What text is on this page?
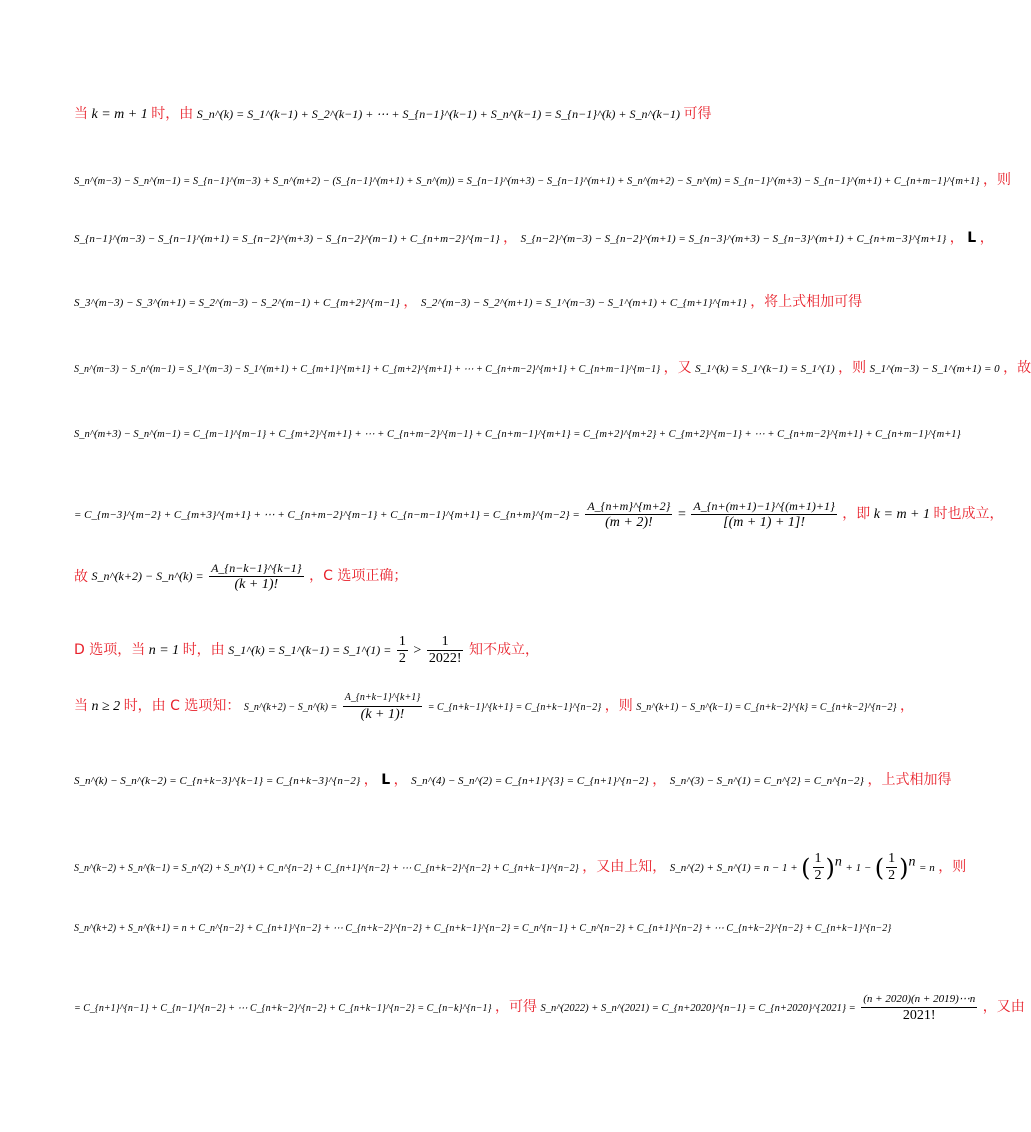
当 k = m + 1 时，由 S_n^(k) = S_1^(k−1) + S_2^(k−1) + ⋯ + S_{n−1}^(k−1) + S_n^(k−1) = S_{n−1}^(k) + S_n^(k−1) 可得
S_n^(m−3) − S_n^(m−1) = S_{n−1}^(m−3) + S_n^(m+2) − (S_{n−1}^(m+1) + S_n^(m)) = S_{n−1}^(m+3) − S_{n−1}^(m+1) + S_n^(m+2) − S_n^(m) = S_{n−1}^(m+3) − S_{n−1}^(m+1) + C_{n+m−1}^{m+1} ，则
S_{n−1}^(m−3) − S_{n−1}^(m+1) = S_{n−2}^(m+3) − S_{n−2}^(m−1) + C_{n+m−2}^{m−1} ， S_{n−2}^(m−3) − S_{n−2}^(m+1) = S_{n−3}^(m+3) − S_{n−3}^(m+1) + C_{n+m−3}^{m+1} ， L ，
S_3^(m−3) − S_3^(m+1) = S_2^(m−3) − S_2^(m−1) + C_{m+2}^{m−1} ， S_2^(m−3) − S_2^(m+1) = S_1^(m−3) − S_1^(m+1) + C_{m+1}^{m+1} ，将上式相加可得
S_n^(m−3) − S_n^(m−1) = S_1^(m−3) − S_1^(m+1) + C_{m+1}^{m+1} + C_{m+2}^{m+1} + ⋯ + C_{n+m−2}^{m+1} + C_{n+m−1}^{m−1} ，又 S_1^(k) = S_1^(k−1) = S_1^(1) ，则 S_1^(m−3) − S_1^(m+1) = 0 ，故
S_n^(m+3) − S_n^(m−1) = C_{m−1}^{m−1} + C_{m+2}^{m+1} + ⋯ + C_{n+m−2}^{m−1} + C_{n+m−1}^{m+1} = C_{m+2}^{m+2} + C_{m+2}^{m−1} + ⋯ + C_{n+m−2}^{m+1} + C_{n+m−1}^{m+1}
= C_{m−3}^{m−2} + C_{m+3}^{m+1} + ⋯ + C_{n+m−2}^{m−1} + C_{n−m−1}^{m+1} = C_{n+m}^{m−2} = $\frac{A\_\{n+m\}\^{}\{m+2\}}{(m + 2)!} = \frac{A\_\{n+(m+1)-1\}\^{}\{(m+1)+1\}}{[(m + 1) + 1]!}$ ，即 k = m + 1 时也成立，
故 S_n^(k+2) − S_n^(k) = $\frac{A\_\{n-k-1\}\^{}\{k-1\}}{(k + 1)!}$ ，C 选项正确；
D 选项，当 n = 1 时，由 S_1^(k) = S_1^(k−1) = S_1^(1) = $\frac{1}{2} > \frac{1}{2022!}$ 知不成立，
当 n ≥ 2 时，由 C 选项知： S_n^(k+2) − S_n^(k) = $\frac{A\_\{n+k-1\}\^{}\{k+1\}}{(k + 1)!}$ = C_{n+k−1}^{k+1} = C_{n+k−1}^{n−2} ，则 S_n^(k+1) − S_n^(k−1) = C_{n+k−2}^{k} = C_{n+k−2}^{n−2} ，
S_n^(k) − S_n^(k−2) = C_{n+k−3}^{k−1} = C_{n+k−3}^{n−2} ， L ， S_n^(4) − S_n^(2) = C_{n+1}^{3} = C_{n+1}^{n−2} ， S_n^(3) − S_n^(1) = C_n^{2} = C_n^{n−2} ，上式相加得
S_n^(k−2) + S_n^(k−1) = S_n^(2) + S_n^(1) + C_n^{n−2} + C_{n+1}^{n−2} + ⋯ C_{n+k−2}^{n−2} + C_{n+k−1}^{n−2} ，又由上知， S_n^(2) + S_n^(1) = n − 1 + ( $\frac{1}{2} )^n + 1$ − ( $\frac{1}{2} )^n = n$ ，则
S_n^(k+2) + S_n^(k+1) = n + C_n^{n−2} + C_{n+1}^{n−2} + ⋯ C_{n+k−2}^{n−2} + C_{n+k−1}^{n−2} = C_n^{n−1} + C_n^{n−2} + C_{n+1}^{n−2} + ⋯ C_{n+k−2}^{n−2} + C_{n+k−1}^{n−2}
= C_{n+1}^{n−1} + C_{n−1}^{n−2} + ⋯ C_{n+k−2}^{n−2} + C_{n+k−1}^{n−2} = C_{n−k}^{n−1} ，可得 S_n^(2022) + S_n^(2021) = C_{n+2020}^{n−1} = C_{n+2020}^{2021} = $\frac{(n + 2020)(n + 2019)\cdots n}{2021!}$ ，又由
